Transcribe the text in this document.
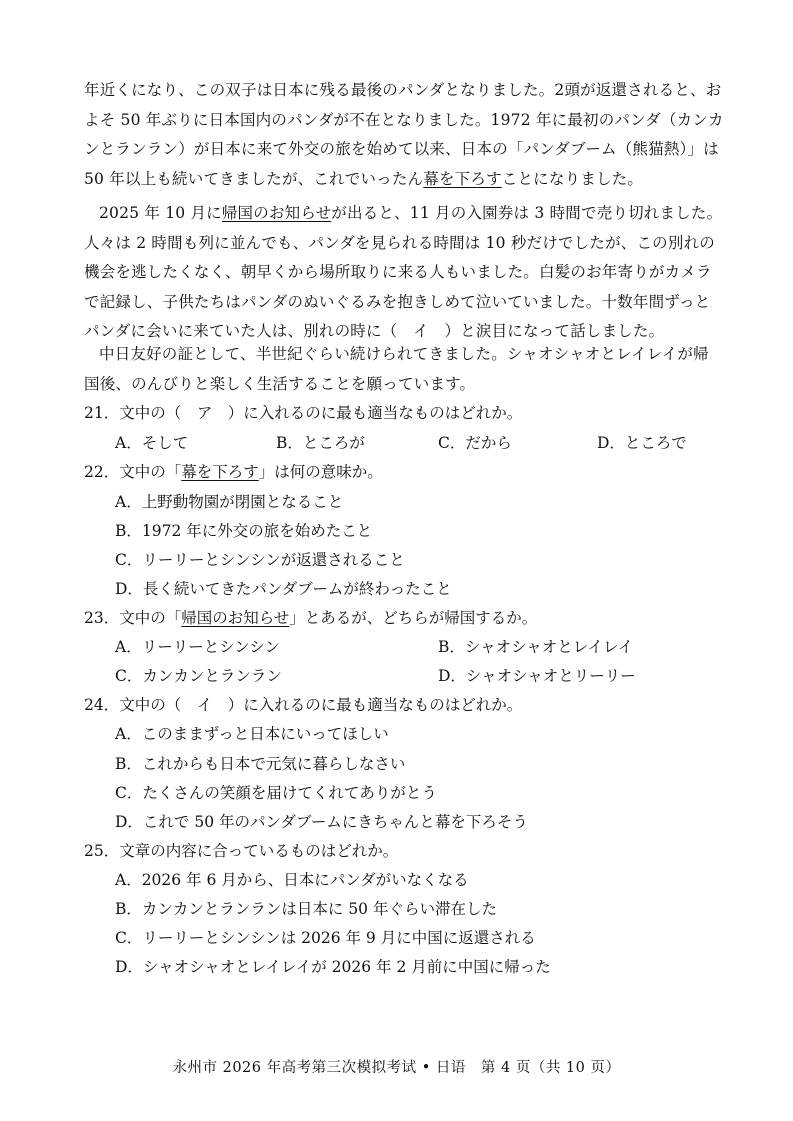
年近くになり、この双子は日本に残る最後のパンダとなりました。2頭が返還されると、およそ 50 年ぶりに日本国内のパンダが不在となりました。1972 年に最初のパンダ（カンカンとランラン）が日本に来て外交の旅を始めて以来、日本の「パンダブーム（熊猫熱）」は 50 年以上も続いてきましたが、これでいったん幕を下ろすことになりました。

2025 年 10 月に帰国のお知らせが出ると、11 月の入園券は 3 時間で売り切れました。人々は 2 時間も列に並んでも、パンダを見られる時間は 10 秒だけでしたが、この別れの機会を逃したくなく、朝早くから場所取りに来る人もいました。白髪のお年寄りがカメラで記録し、子供たちはパンダのぬいぐるみを抱きしめて泣いていました。十数年間ずっとパンダに会いに来ていた人は、別れの時に（　イ　）と涙目になって話しました。

中日友好の証として、半世紀ぐらい続けられてきました。シャオシャオとレイレイが帰国後、のんびりと楽しく生活することを願っています。

21．文中の（　ア　）に入れるのに最も適当なものはどれか。
A．そして	B．ところが	C．だから	D．ところで
22．文中の「幕を下ろす」は何の意味か。
A．上野動物園が閉園となること
B．1972 年に外交の旅を始めたこと
C．リーリーとシンシンが返還されること
D．長く続いてきたパンダブームが終わったこと
23．文中の「帰国のお知らせ」とあるが、どちらが帰国するか。
A．リーリーとシンシン	B．シャオシャオとレイレイ
C．カンカンとランラン	D．シャオシャオとリーリー
24．文中の（　イ　）に入れるのに最も適当なものはどれか。
A．このままずっと日本にいってほしい
B．これからも日本で元気に暮らしなさい
C．たくさんの笑顔を届けてくれてありがとう
D．これで 50 年のパンダブームにきちゃんと幕を下ろそう
25．文章の内容に合っているものはどれか。
A．2026 年 6 月から、日本にパンダがいなくなる
B．カンカンとランランは日本に 50 年ぐらい滞在した
C．リーリーとシンシンは 2026 年 9 月に中国に返還される
D．シャオシャオとレイレイが 2026 年 2 月前に中国に帰った
永州市 2026 年高考第三次模拟考试 • 日语　第 4 页（共 10 页）
